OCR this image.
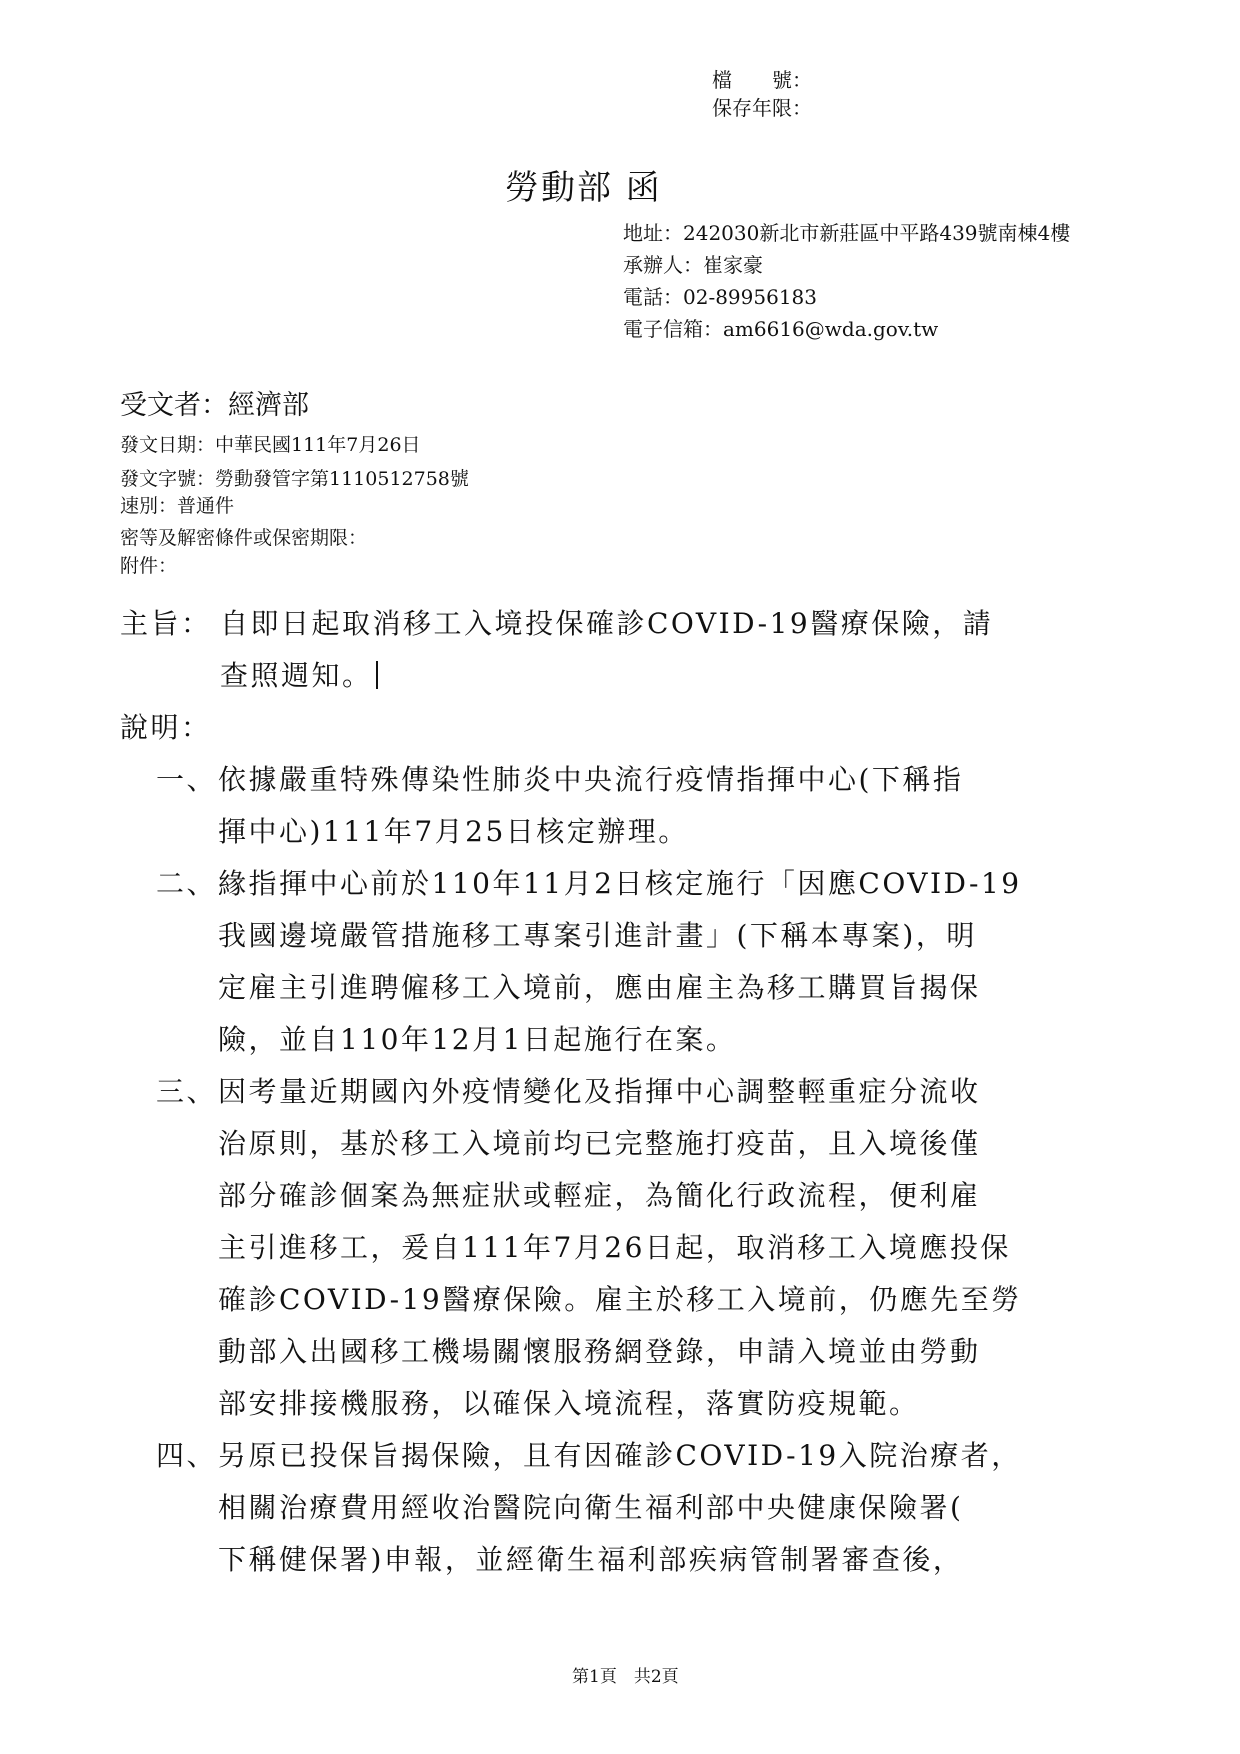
檔　　號：
保存年限：
勞動部 函
地址：242030新北市新莊區中平路439號南棟4樓
承辦人：崔家豪
電話：02-89956183
電子信箱：am6616@wda.gov.tw
受文者：經濟部
發文日期：中華民國111年7月26日
發文字號：勞動發管字第1110512758號
速別：普通件
密等及解密條件或保密期限：
附件：
主旨： 自即日起取消移工入境投保確診COVID-19醫療保險，請
查照週知。
說明：
一、 依據嚴重特殊傳染性肺炎中央流行疫情指揮中心(下稱指
揮中心)111年7月25日核定辦理。
二、 緣指揮中心前於110年11月2日核定施行「因應COVID-19
我國邊境嚴管措施移工專案引進計畫」(下稱本專案)，明
定雇主引進聘僱移工入境前，應由雇主為移工購買旨揭保
險，並自110年12月1日起施行在案。
三、 因考量近期國內外疫情變化及指揮中心調整輕重症分流收
治原則，基於移工入境前均已完整施打疫苗，且入境後僅
部分確診個案為無症狀或輕症，為簡化行政流程，便利雇
主引進移工，爰自111年7月26日起，取消移工入境應投保
確診COVID-19醫療保險。雇主於移工入境前，仍應先至勞
動部入出國移工機場關懷服務網登錄，申請入境並由勞動
部安排接機服務，以確保入境流程，落實防疫規範。
四、 另原已投保旨揭保險，且有因確診COVID-19入院治療者，
相關治療費用經收治醫院向衛生福利部中央健康保險署(
下稱健保署)申報，並經衛生福利部疾病管制署審查後，
第1頁　共2頁
